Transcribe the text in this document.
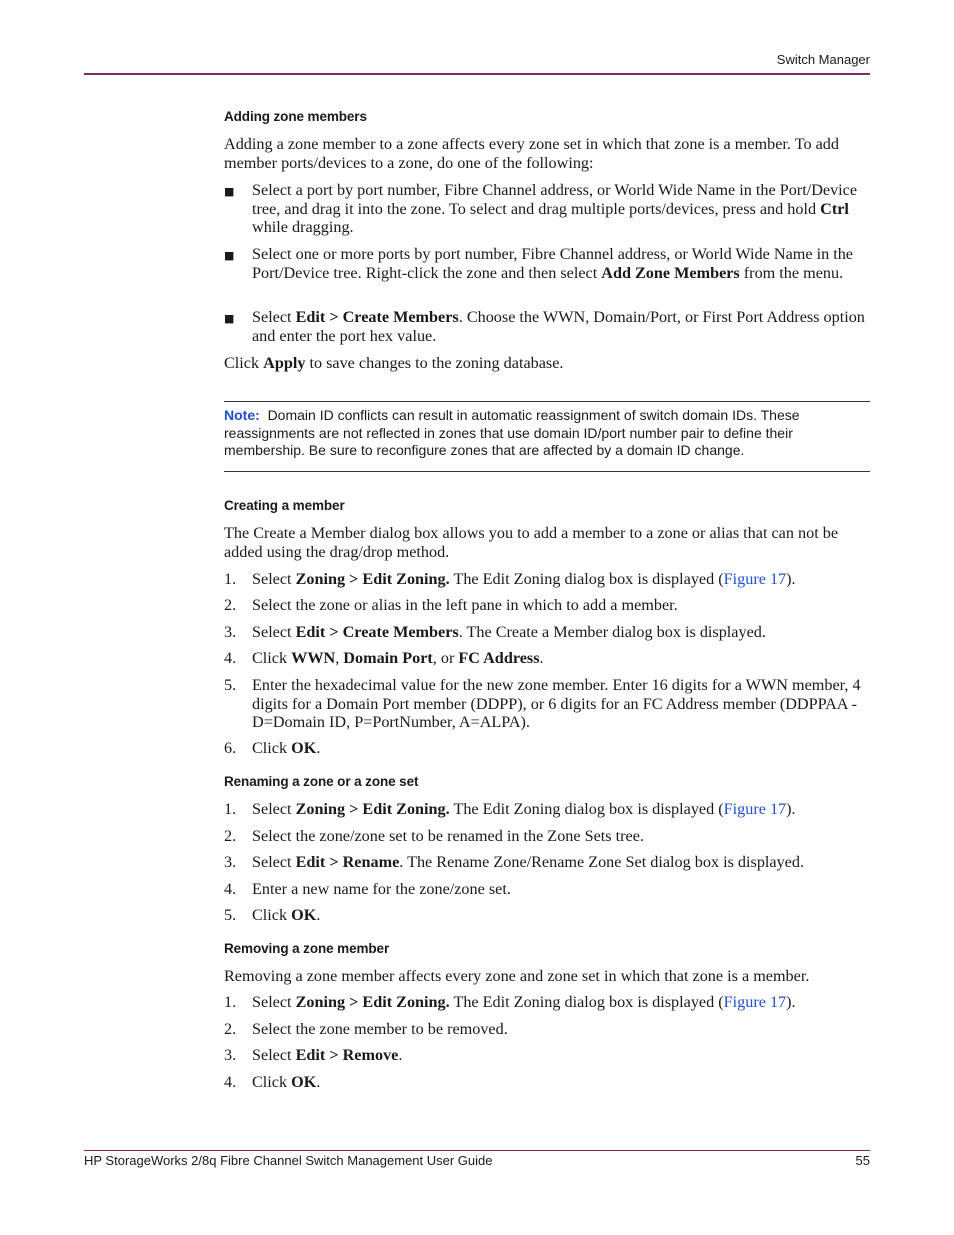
Switch Manager
Adding zone members
Adding a zone member to a zone affects every zone set in which that zone is a member. To add member ports/devices to a zone, do one of the following:
■ Select a port by port number, Fibre Channel address, or World Wide Name in the Port/Device tree, and drag it into the zone. To select and drag multiple ports/devices, press and hold Ctrl while dragging.
■ Select one or more ports by port number, Fibre Channel address, or World Wide Name in the Port/Device tree. Right-click the zone and then select Add Zone Members from the menu.
■ Select Edit > Create Members. Choose the WWN, Domain/Port, or First Port Address option and enter the port hex value.
Click Apply to save changes to the zoning database.
Note: Domain ID conflicts can result in automatic reassignment of switch domain IDs. These reassignments are not reflected in zones that use domain ID/port number pair to define their membership. Be sure to reconfigure zones that are affected by a domain ID change.
Creating a member
The Create a Member dialog box allows you to add a member to a zone or alias that can not be added using the drag/drop method.
1. Select Zoning > Edit Zoning. The Edit Zoning dialog box is displayed (Figure 17).
2. Select the zone or alias in the left pane in which to add a member.
3. Select Edit > Create Members. The Create a Member dialog box is displayed.
4. Click WWN, Domain Port, or FC Address.
5. Enter the hexadecimal value for the new zone member. Enter 16 digits for a WWN member, 4 digits for a Domain Port member (DDPP), or 6 digits for an FC Address member (DDPPAA - D=Domain ID, P=PortNumber, A=ALPA).
6. Click OK.
Renaming a zone or a zone set
1. Select Zoning > Edit Zoning. The Edit Zoning dialog box is displayed (Figure 17).
2. Select the zone/zone set to be renamed in the Zone Sets tree.
3. Select Edit > Rename. The Rename Zone/Rename Zone Set dialog box is displayed.
4. Enter a new name for the zone/zone set.
5. Click OK.
Removing a zone member
Removing a zone member affects every zone and zone set in which that zone is a member.
1. Select Zoning > Edit Zoning. The Edit Zoning dialog box is displayed (Figure 17).
2. Select the zone member to be removed.
3. Select Edit > Remove.
4. Click OK.
HP StorageWorks 2/8q Fibre Channel Switch Management User Guide	55
